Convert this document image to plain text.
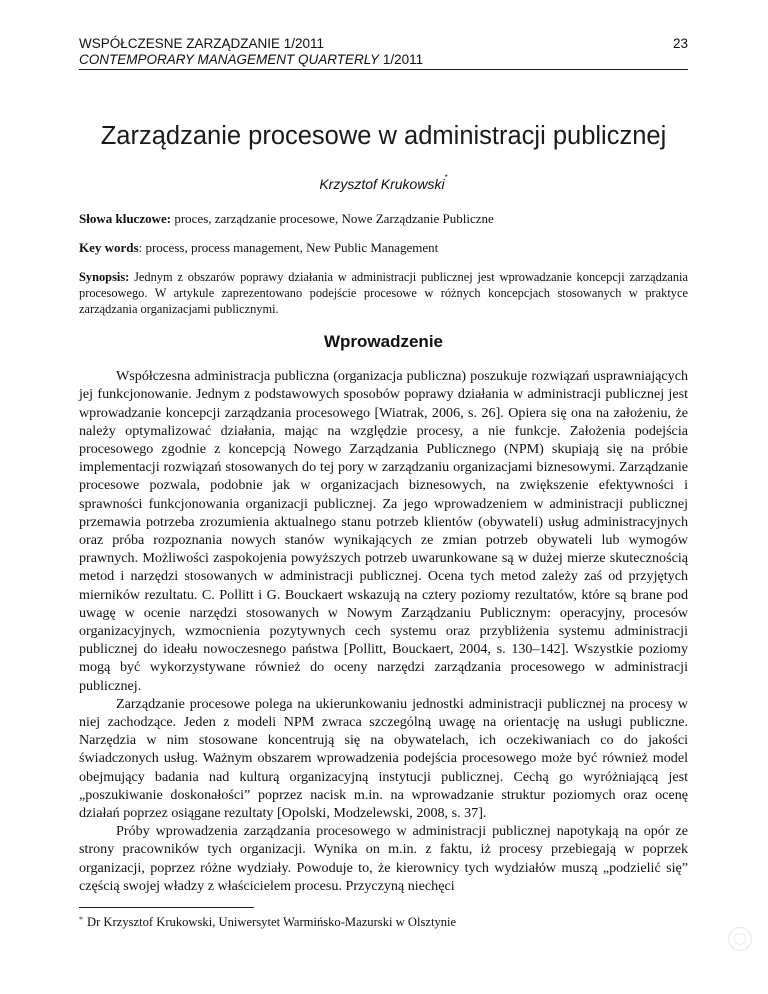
WSPÓŁCZESNE ZARZĄDZANIE 1/2011	23
CONTEMPORARY MANAGEMENT QUARTERLY 1/2011
Zarządzanie procesowe w administracji publicznej
Krzysztof Krukowski*
Słowa kluczowe: proces, zarządzanie procesowe, Nowe Zarządzanie Publiczne
Key words: process, process management, New Public Management
Synopsis: Jednym z obszarów poprawy działania w administracji publicznej jest wprowadzanie koncepcji zarządzania procesowego. W artykule zaprezentowano podejście procesowe w różnych koncepcjach stosowanych w praktyce zarządzania organizacjami publicznymi.
Wprowadzenie

Współczesna administracja publiczna (organizacja publiczna) poszukuje rozwiązań usprawniających jej funkcjonowanie. Jednym z podstawowych sposobów poprawy działania w administracji publicznej jest wprowadzanie koncepcji zarządzania procesowego [Wiatrak, 2006, s. 26]. Opiera się ona na założeniu, że należy optymalizować działania, mając na względzie procesy, a nie funkcje. Założenia podejścia procesowego zgodnie z koncepcją Nowego Zarządzania Publicznego (NPM) skupiają się na próbie implementacji rozwiązań stosowanych do tej pory w zarządzaniu organizacjami biznesowymi. Zarządzanie procesowe pozwala, podobnie jak w organizacjach biznesowych, na zwiększenie efektywności i sprawności funkcjonowania organizacji publicznej. Za jego wprowadzeniem w administracji publicznej przemawia potrzeba zrozumienia aktualnego stanu potrzeb klientów (obywateli) usług administracyjnych oraz próba rozpoznania nowych stanów wynikających ze zmian potrzeb obywateli lub wymogów prawnych. Możliwości zaspokojenia powyższych potrzeb uwarunkowane są w dużej mierze skutecznością metod i narzędzi stosowanych w administracji publicznej. Ocena tych metod zależy zaś od przyjętych mierników rezultatu. C. Pollitt i G. Bouckaert wskazują na cztery poziomy rezultatów, które są brane pod uwagę w ocenie narzędzi stosowanych w Nowym Zarządzaniu Publicznym: operacyjny, procesów organizacyjnych, wzmocnienia pozytywnych cech systemu oraz przybliżenia systemu administracji publicznej do ideału nowoczesnego państwa [Pollitt, Bouckaert, 2004, s. 130–142]. Wszystkie poziomy mogą być wykorzystywane również do oceny narzędzi zarządzania procesowego w administracji publicznej.

Zarządzanie procesowe polega na ukierunkowaniu jednostki administracji publicznej na procesy w niej zachodzące. Jeden z modeli NPM zwraca szczególną uwagę na orientację na usługi publiczne. Narzędzia w nim stosowane koncentrują się na obywatelach, ich oczekiwaniach co do jakości świadczonych usług. Ważnym obszarem wprowadzenia podejścia procesowego może być również model obejmujący badania nad kulturą organizacyjną instytucji publicznej. Cechą go wyróżniającą jest „poszukiwanie doskonałości” poprzez nacisk m.in. na wprowadzanie struktur poziomych oraz ocenę działań poprzez osiągane rezultaty [Opolski, Modzelewski, 2008, s. 37].

Próby wprowadzenia zarządzania procesowego w administracji publicznej napotykają na opór ze strony pracowników tych organizacji. Wynika on m.in. z faktu, iż procesy przebiegają w poprzek organizacji, poprzez różne wydziały. Powoduje to, że kierownicy tych wydziałów muszą „podzielić się” częścią swojej władzy z właścicielem procesu. Przyczyną niechęci

* Dr Krzysztof Krukowski, Uniwersytet Warmińsko-Mazurski w Olsztynie
